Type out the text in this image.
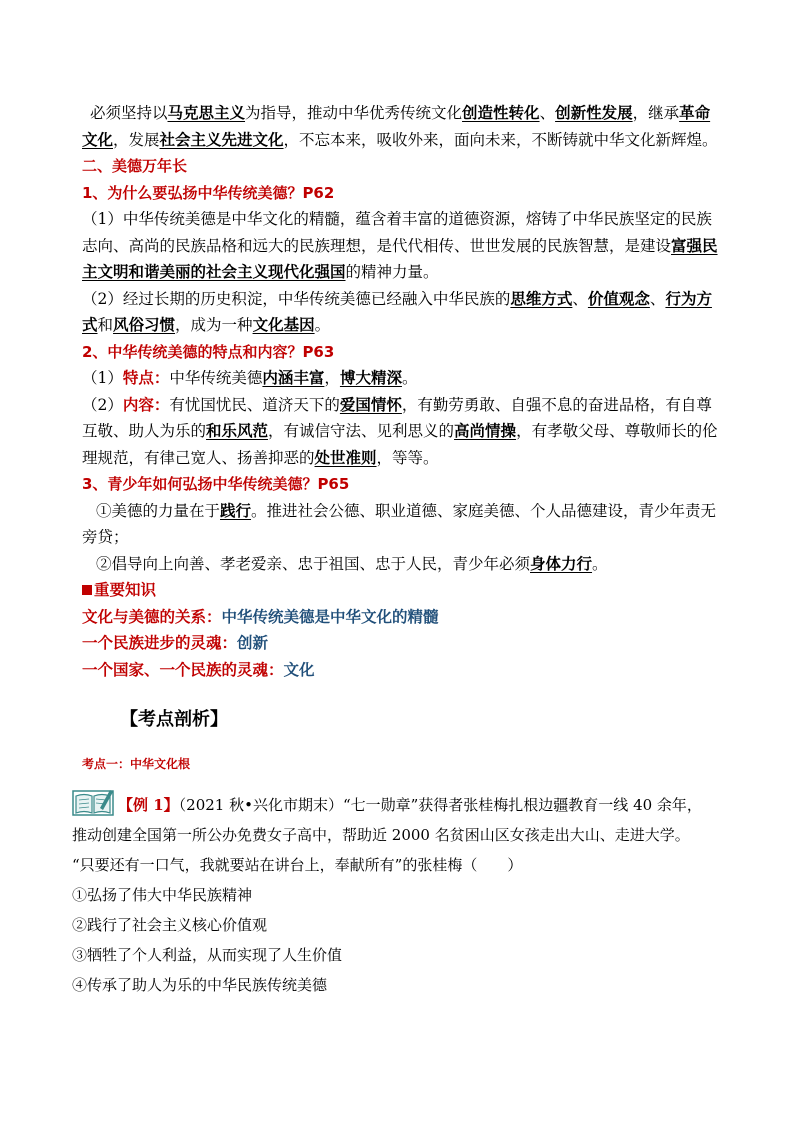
必须坚持以马克思主义为指导，推动中华优秀传统文化创造性转化、创新性发展，继承革命
文化，发展社会主义先进文化，不忘本来，吸收外来，面向未来，不断铸就中华文化新辉煌。
二、美德万年长
1、为什么要弘扬中华传统美德？P62
（1）中华传统美德是中华文化的精髓，蕴含着丰富的道德资源，熔铸了中华民族坚定的民族
志向、高尚的民族品格和远大的民族理想，是代代相传、世世发展的民族智慧，是建设富强民
主文明和谐美丽的社会主义现代化强国的精神力量。
（2）经过长期的历史积淀，中华传统美德已经融入中华民族的思维方式、价值观念、行为方
式和风俗习惯，成为一种文化基因。
2、中华传统美德的特点和内容？P63
（1）特点：中华传统美德内涵丰富，博大精深。
（2）内容：有忧国忧民、道济天下的爱国情怀，有勤劳勇敢、自强不息的奋进品格，有自尊
互敬、助人为乐的和乐风范，有诚信守法、见利思义的高尚情操，有孝敬父母、尊敬师长的伦
理规范，有律己宽人、扬善抑恶的处世准则，等等。
3、青少年如何弘扬中华传统美德？P65
①美德的力量在于践行。推进社会公德、职业道德、家庭美德、个人品德建设，青少年责无
旁贷；
②倡导向上向善、孝老爱亲、忠于祖国、忠于人民，青少年必须身体力行。
重要知识
文化与美德的关系：中华传统美德是中华文化的精髓
一个民族进步的灵魂：创新
一个国家、一个民族的灵魂：文化
【考点剖析】
考点一：中华文化根
【例 1】（2021 秋•兴化市期末）“七一勋章”获得者张桂梅扎根边疆教育一线 40 余年，
推动创建全国第一所公办免费女子高中，帮助近 2000 名贫困山区女孩走出大山、走进大学。
“只要还有一口气，我就要站在讲台上，奉献所有”的张桂梅（　　）
①弘扬了伟大中华民族精神
②践行了社会主义核心价值观
③牺牲了个人利益，从而实现了人生价值
④传承了助人为乐的中华民族传统美德
